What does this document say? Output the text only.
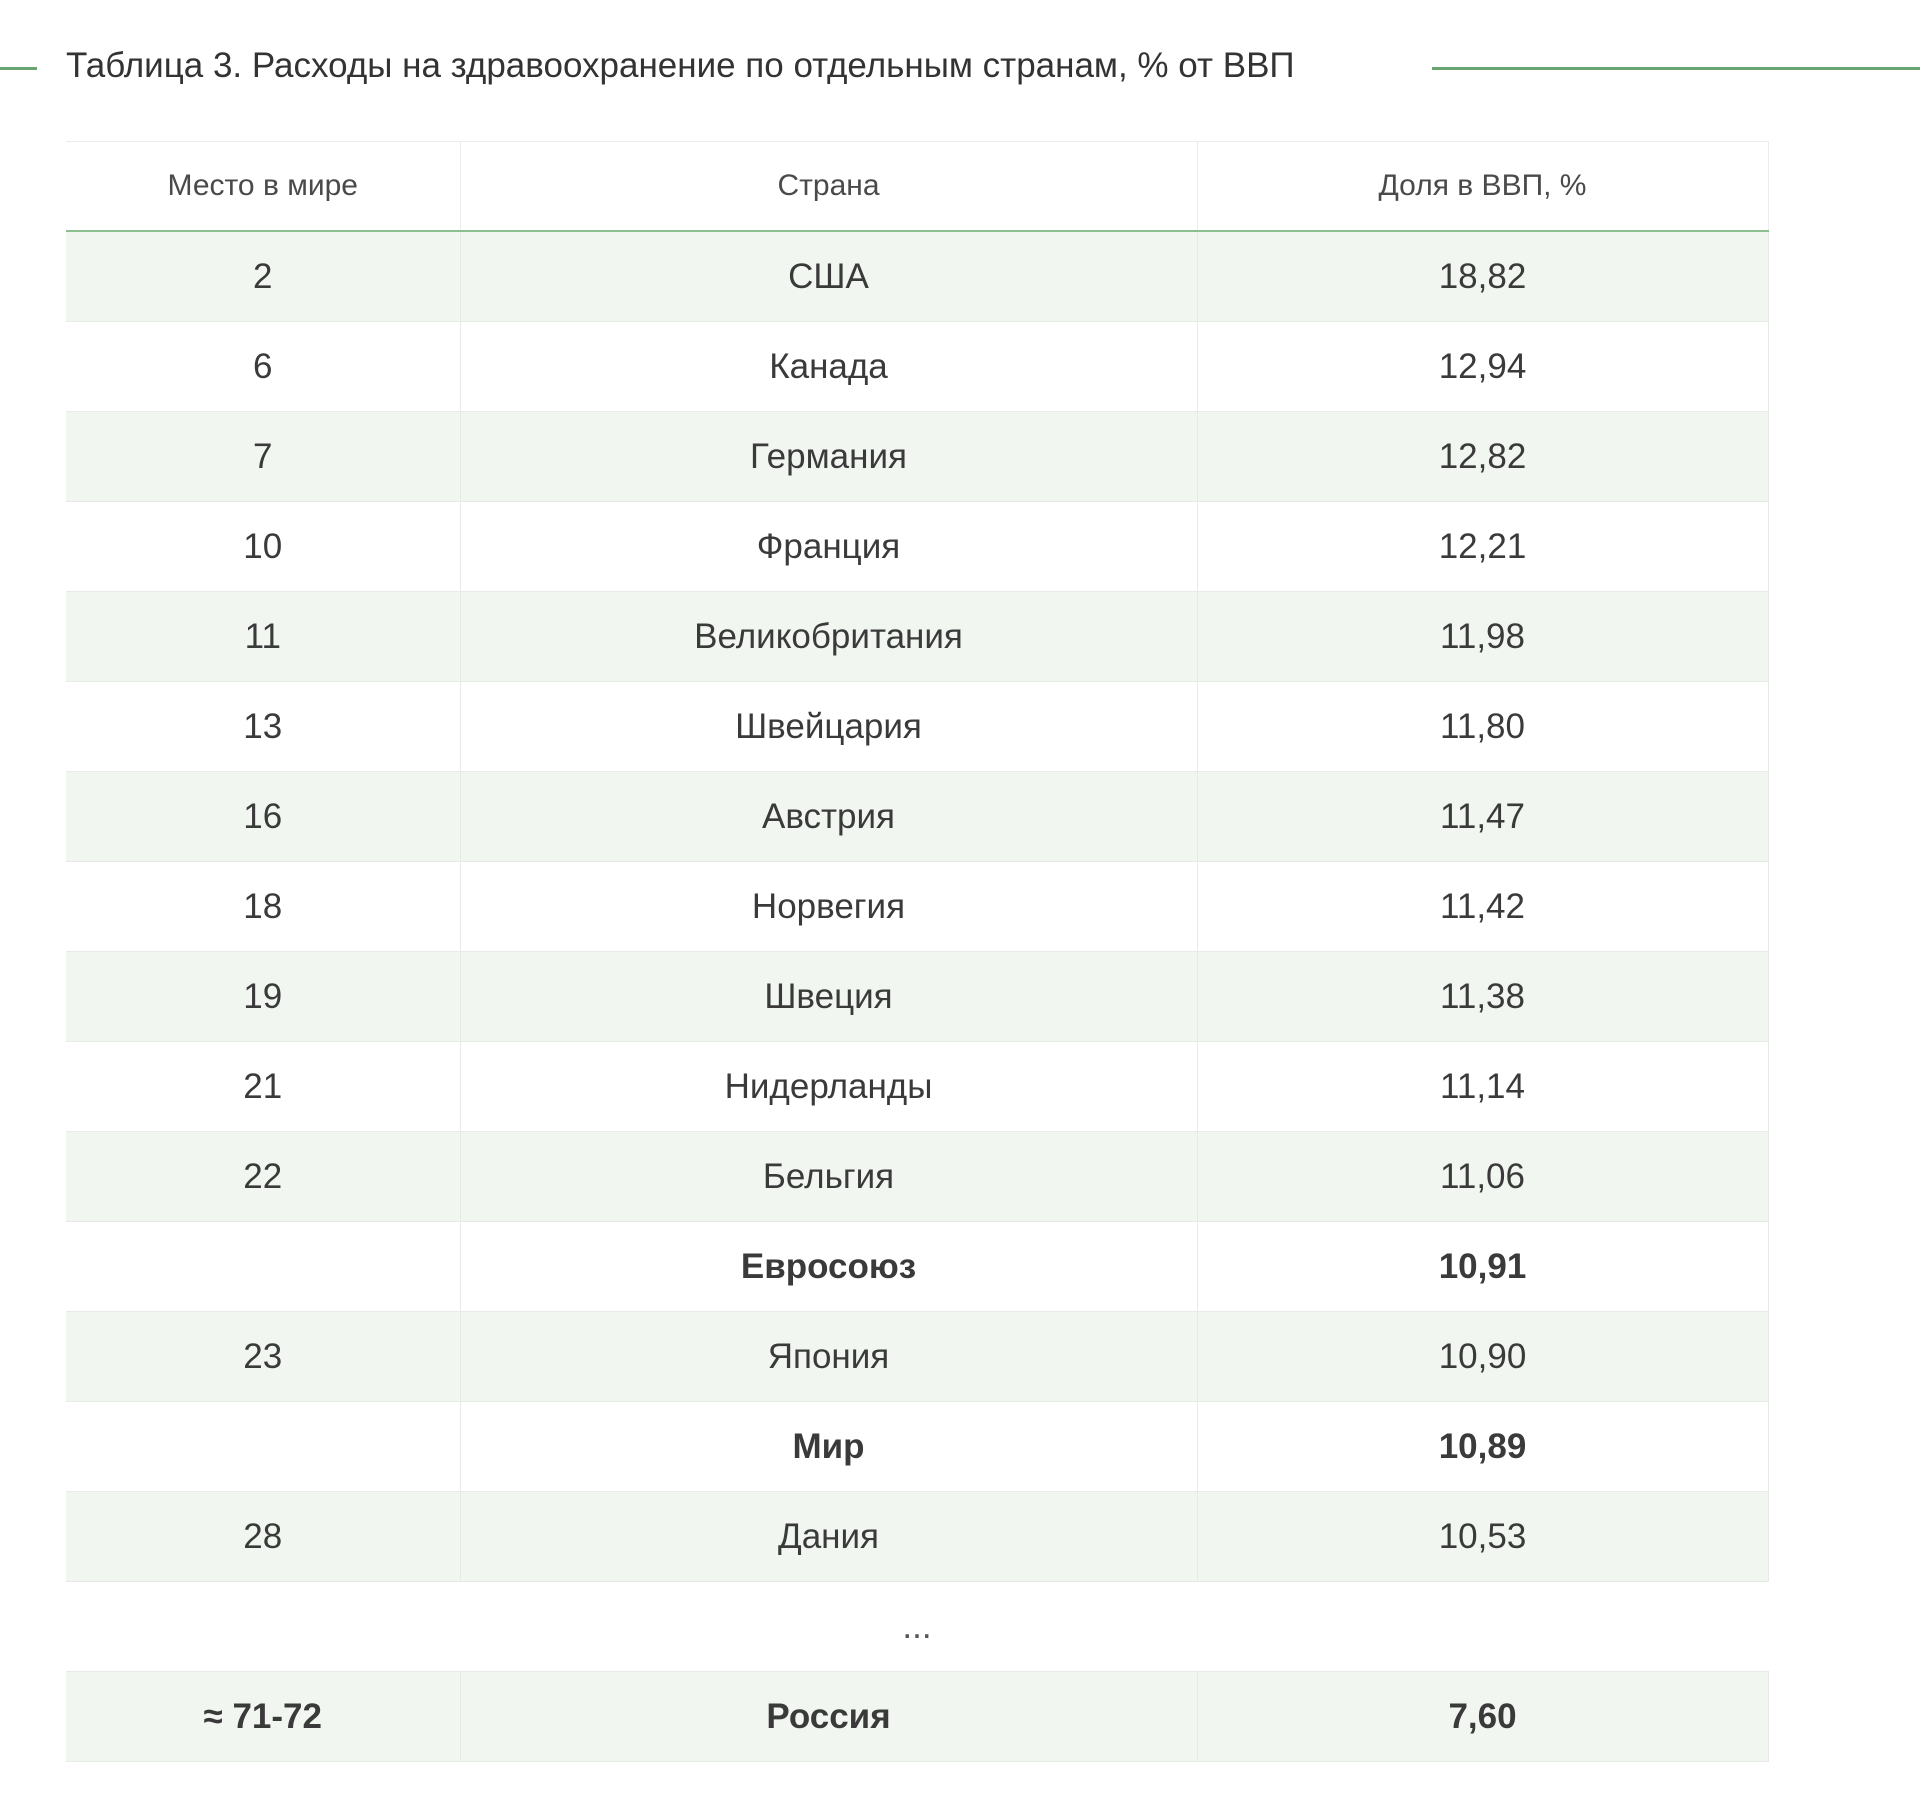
Таблица 3. Расходы на здравоохранение по отдельным странам, % от ВВП
Место в мире	Страна	Доля в ВВП, %
2	США	18,82
6	Канада	12,94
7	Германия	12,82
10	Франция	12,21
11	Великобритания	11,98
13	Швейцария	11,80
16	Австрия	11,47
18	Норвегия	11,42
19	Швеция	11,38
21	Нидерланды	11,14
22	Бельгия	11,06
	Евросоюз	10,91
23	Япония	10,90
	Мир	10,89
28	Дания	10,53
...		
≈ 71-72	Россия	7,60
